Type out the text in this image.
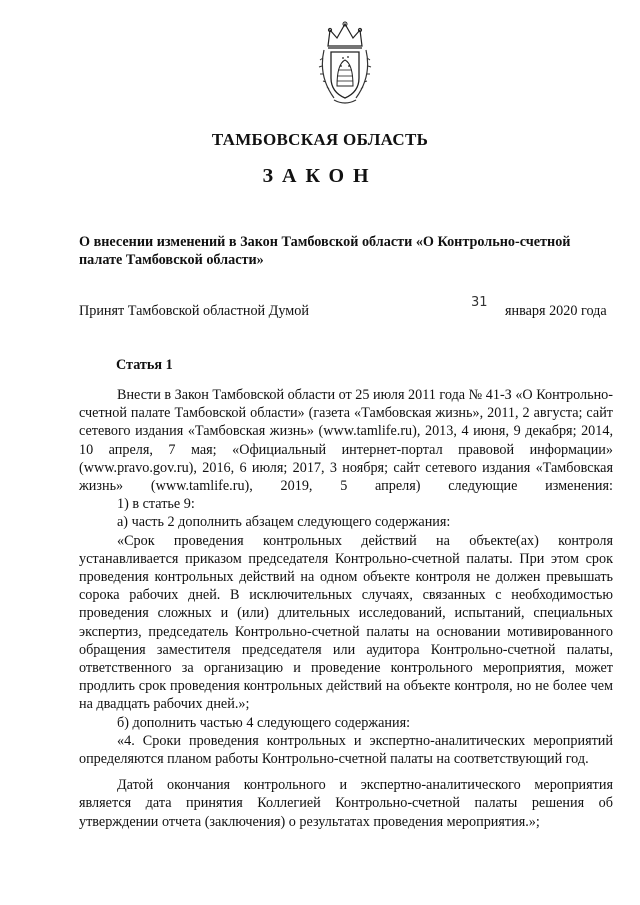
ТАМБОВСКАЯ ОБЛАСТЬ
ЗАКОН
О внесении изменений в Закон Тамбовской области «О Контрольно-счетной палате Тамбовской области»
Принят Тамбовской областной Думой
31
января 2020 года
Статья 1

Внести в Закон Тамбовской области от 25 июля 2011 года № 41-З «О Контрольно-счетной палате Тамбовской области» (газета «Тамбовская жизнь», 2011, 2 августа; сайт сетевого издания «Тамбовская жизнь» (www.tamlife.ru), 2013, 4 июня, 9 декабря; 2014, 10 апреля, 7 мая; «Официальный интернет-портал правовой информации» (www.pravo.gov.ru), 2016, 6 июля; 2017, 3 ноября; сайт сетевого издания «Тамбовская жизнь» (www.tamlife.ru), 2019, 5 апреля) следующие изменения:

1) в статье 9:

а) часть 2 дополнить абзацем следующего содержания:

«Срок проведения контрольных действий на объекте(ах) контроля устанавливается приказом председателя Контрольно-счетной палаты. При этом срок проведения контрольных действий на одном объекте контроля не должен превышать сорока рабочих дней. В исключительных случаях, связанных с необходимостью проведения сложных и (или) длительных исследований, испытаний, специальных экспертиз, председатель Контрольно-счетной палаты на основании мотивированного обращения заместителя председателя или аудитора Контрольно-счетной палаты, ответственного за организацию и проведение контрольного мероприятия, может продлить срок проведения контрольных действий на объекте контроля, но не более чем на двадцать рабочих дней.»;

б) дополнить частью 4 следующего содержания:

«4. Сроки проведения контрольных и экспертно-аналитических мероприятий определяются планом работы Контрольно-счетной палаты на соответствующий год.

Датой окончания контрольного и экспертно-аналитического мероприятия является дата принятия Коллегией Контрольно-счетной палаты решения об утверждении отчета (заключения) о результатах проведения мероприятия.»;
